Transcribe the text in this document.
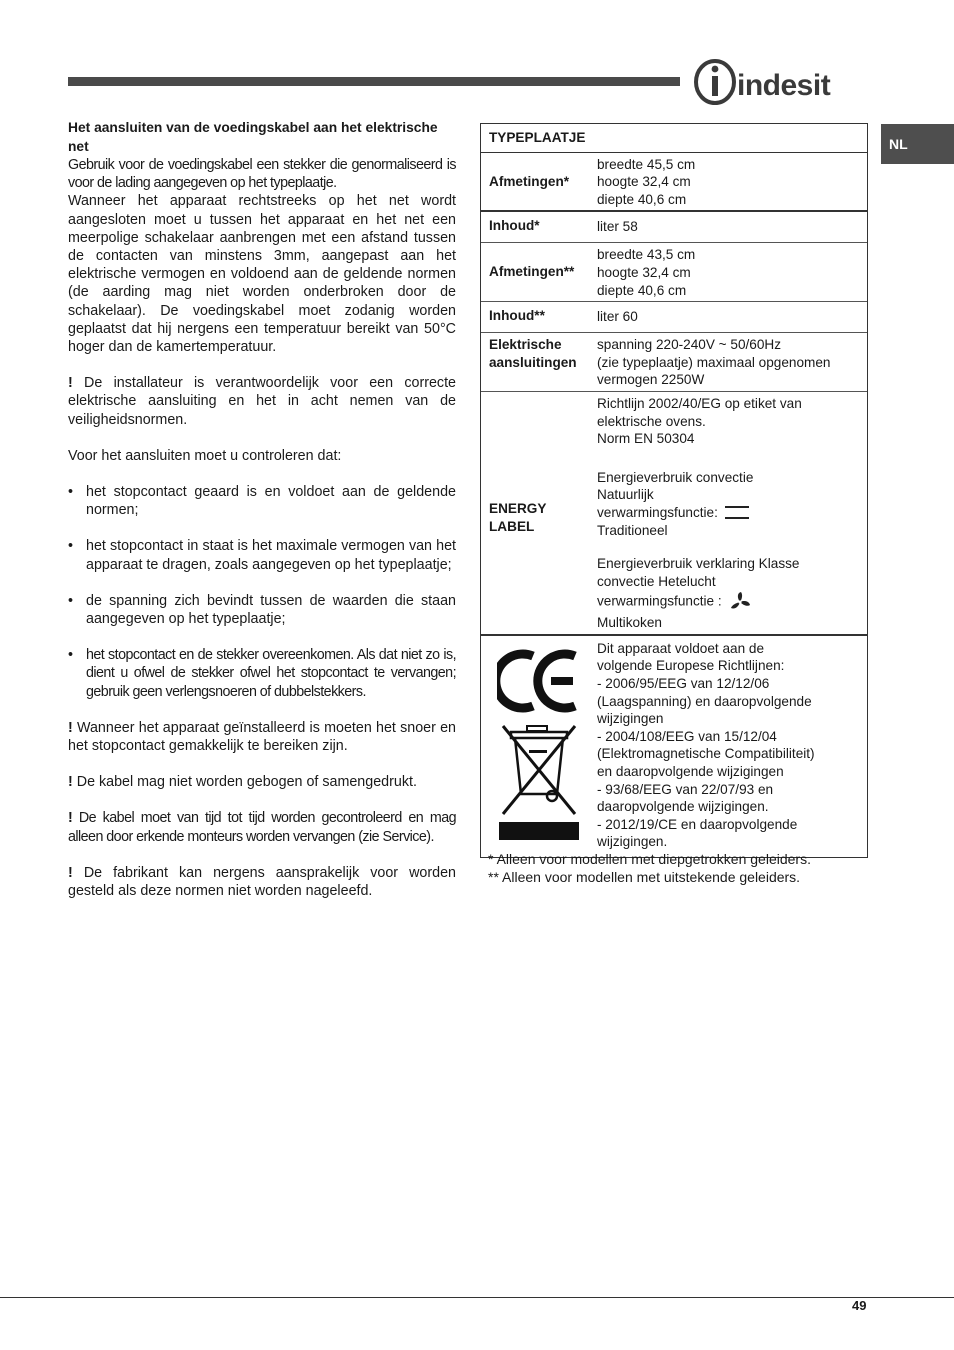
indesit
NL
Het aansluiten van de voedingskabel aan het elektrische net

Gebruik voor de voedingskabel een stekker die genormaliseerd is voor de lading aangegeven op het typeplaatje.

Wanneer het apparaat rechtstreeks op het net wordt aangesloten moet u tussen het apparaat en het net een meerpolige schakelaar aanbrengen met een afstand tussen de contacten van minstens 3mm, aangepast aan het elektrische vermogen en voldoend aan de geldende normen (de aarding mag niet worden onderbroken door de schakelaar). De voedingskabel moet zodanig worden geplaatst dat hij nergens een temperatuur bereikt van 50°C hoger dan de kamertemperatuur.

! De installateur is verantwoordelijk voor een correcte elektrische aansluiting en het in acht nemen van de veiligheidsnormen.

Voor het aansluiten moet u controleren dat:

• het stopcontact geaard is en voldoet aan de geldende normen;
• het stopcontact in staat is het maximale vermogen van het apparaat te dragen, zoals aangegeven op het typeplaatje;
• de spanning zich bevindt tussen de waarden die staan aangegeven op het typeplaatje;
• het stopcontact en de stekker overeenkomen. Als dat niet zo is, dient u ofwel de stekker ofwel het stopcontact te vervangen; gebruik geen verlengsnoeren of dubbelstekkers.

! Wanneer het apparaat geïnstalleerd is moeten het snoer en het stopcontact gemakkelijk te bereiken zijn.

! De kabel mag niet worden gebogen of samengedrukt.

! De kabel moet van tijd tot tijd worden gecontroleerd en mag alleen door erkende monteurs worden vervangen (zie Service).

! De fabrikant kan nergens aansprakelijk voor worden gesteld als deze normen niet worden nageleefd.

TYPEPLAATJE
Afmetingen*
breedte 45,5 cm
hoogte 32,4 cm
diepte 40,6 cm
Inhoud*	liter 58
Afmetingen**
breedte 43,5 cm
hoogte 32,4 cm
diepte 40,6 cm
Inhoud**	liter 60
Elektrische
aansluitingen
spanning 220-240V ~ 50/60Hz
(zie typeplaatje) maximaal opgenomen
vermogen 2250W
ENERGY
LABEL
Richtlijn 2002/40/EG op etiket van
elektrische ovens.
Norm EN 50304
Energieverbruik convectie
Natuurlijk
verwarmingsfunctie:
Traditioneel
Energieverbruik verklaring Klasse
convectie Hetelucht
verwarmingsfunctie :
Multikoken
Dit apparaat voldoet aan de
volgende Europese Richtlijnen:
- 2006/95/EEG van 12/12/06
(Laagspanning) en daaropvolgende
wijzigingen
- 2004/108/EEG van 15/12/04
(Elektromagnetische Compatibiliteit)
en daaropvolgende wijzigingen
- 93/68/EEG van 22/07/93 en
daaropvolgende wijzigingen.
- 2012/19/CE en daaropvolgende
wijzigingen.
* Alleen voor modellen met diepgetrokken geleiders.
** Alleen voor modellen met uitstekende geleiders.
49
